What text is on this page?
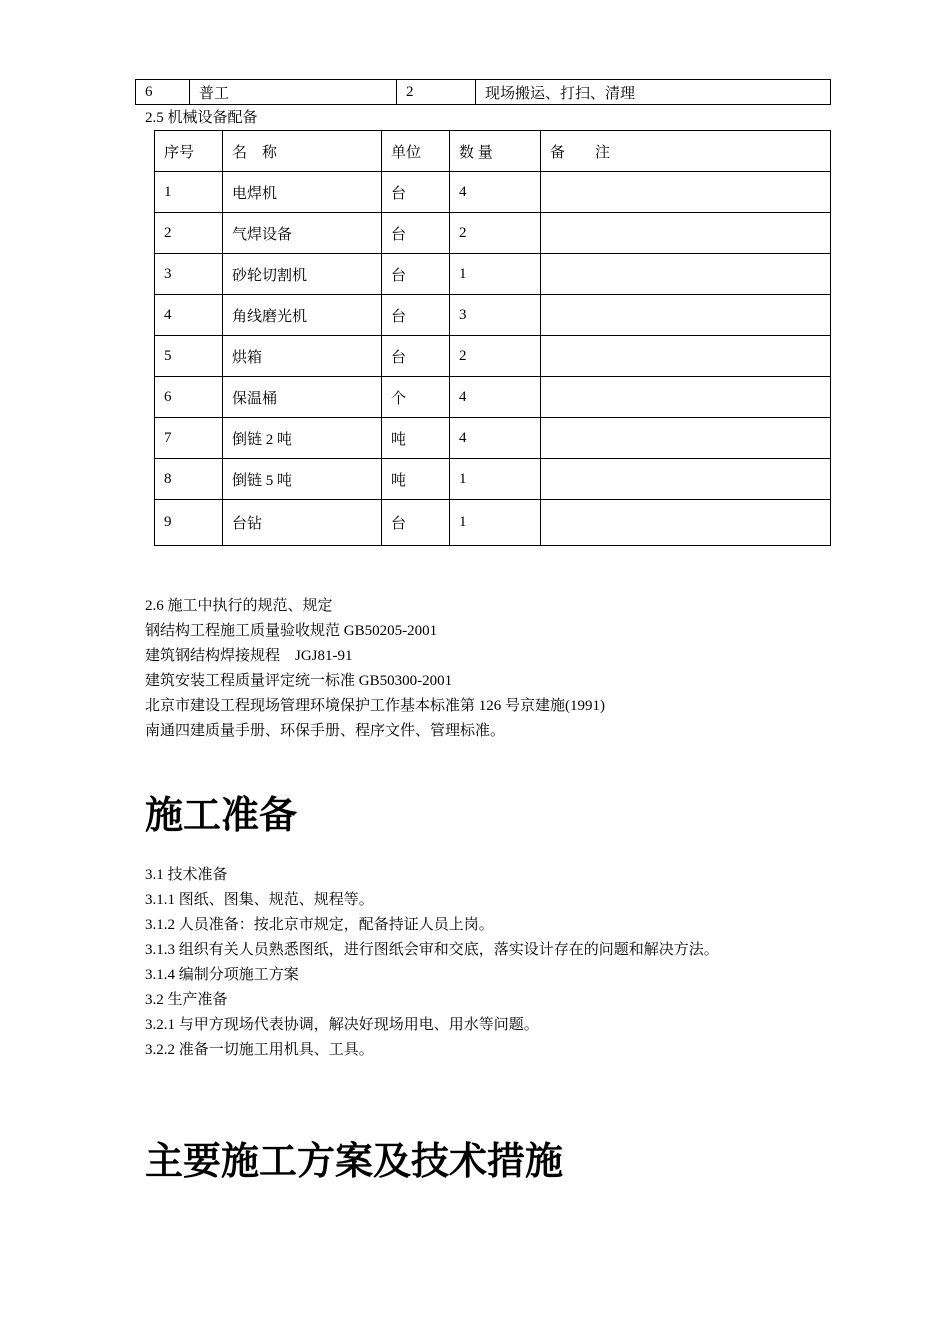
6	普工	2	现场搬运、打扫、清理
2.5 机械设备配备
序号	名　称	单位	数 量	备　　注
1	电焊机	台	4	
2	气焊设备	台	2	
3	砂轮切割机	台	1	
4	角线磨光机	台	3	
5	烘箱	台	2	
6	保温桶	个	4	
7	倒链 2 吨	吨	4	
8	倒链 5 吨	吨	1	
9	台钻	台	1	
2.6 施工中执行的规范、规定
钢结构工程施工质量验收规范 GB50205-2001
建筑钢结构焊接规程　JGJ81-91
建筑安装工程质量评定统一标准 GB50300-2001
北京市建设工程现场管理环境保护工作基本标准第 126 号京建施(1991)
南通四建质量手册、环保手册、程序文件、管理标准。
施工准备
3.1 技术准备
3.1.1 图纸、图集、规范、规程等。
3.1.2 人员准备：按北京市规定，配备持证人员上岗。
3.1.3 组织有关人员熟悉图纸，进行图纸会审和交底，落实设计存在的问题和解决方法。
3.1.4 编制分项施工方案
3.2 生产准备
3.2.1 与甲方现场代表协调，解决好现场用电、用水等问题。
3.2.2 准备一切施工用机具、工具。
主要施工方案及技术措施
